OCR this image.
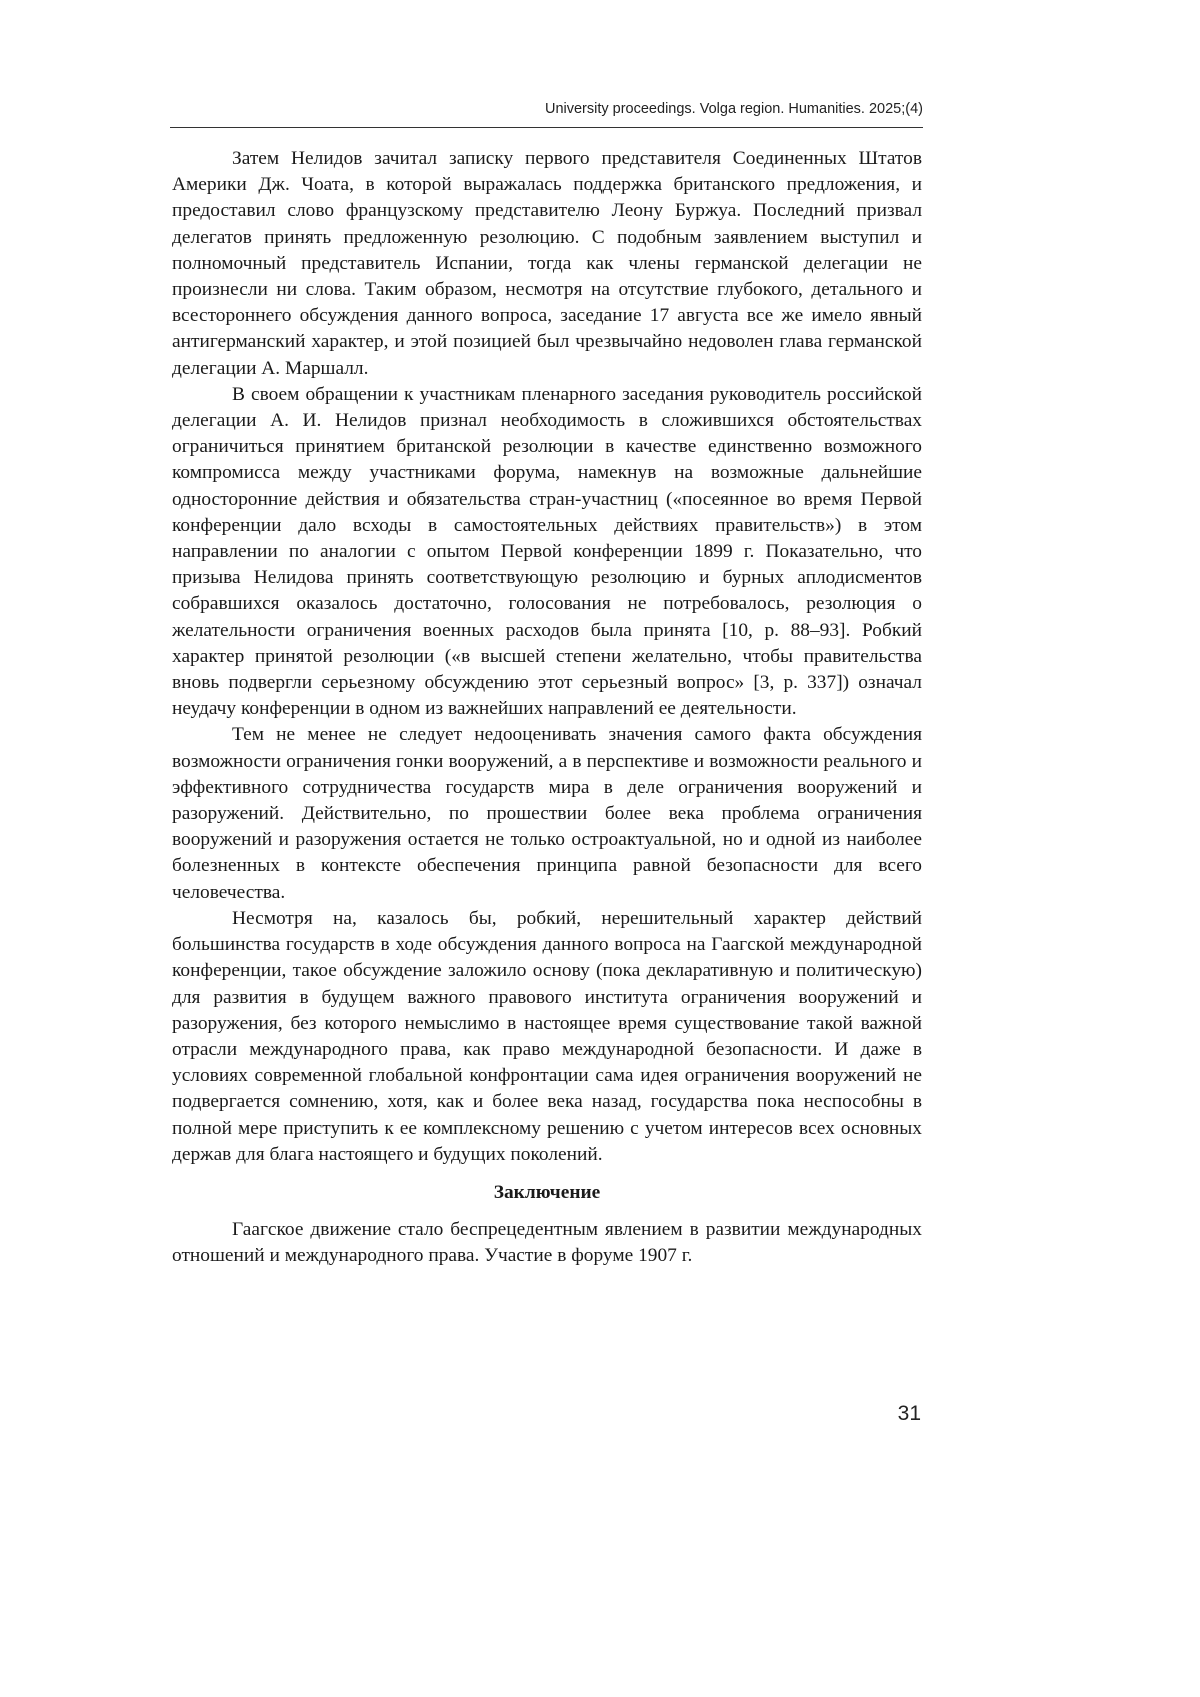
University proceedings. Volga region. Humanities. 2025;(4)

Затем Нелидов зачитал записку первого представителя Соединенных Штатов Америки Дж. Чоата, в которой выражалась поддержка британского предложения, и предоставил слово французскому представителю Леону Буржуа. Последний призвал делегатов принять предложенную резолюцию. С подобным заявлением выступил и полномочный представитель Испании, тогда как члены германской делегации не произнесли ни слова. Таким образом, несмотря на отсутствие глубокого, детального и всестороннего обсуждения данного вопроса, заседание 17 августа все же имело явный антигерманский характер, и этой позицией был чрезвычайно недоволен глава германской делегации А. Маршалл.

В своем обращении к участникам пленарного заседания руководитель российской делегации А. И. Нелидов признал необходимость в сложившихся обстоятельствах ограничиться принятием британской резолюции в качестве единственно возможного компромисса между участниками форума, намекнув на возможные дальнейшие односторонние действия и обязательства стран-участниц («посеянное во время Первой конференции дало всходы в самостоятельных действиях правительств») в этом направлении по аналогии с опытом Первой конференции 1899 г. Показательно, что призыва Нелидова принять соответствующую резолюцию и бурных аплодисментов собравшихся оказалось достаточно, голосования не потребовалось, резолюция о желательности ограничения военных расходов была принята [10, p. 88–93]. Робкий характер принятой резолюции («в высшей степени желательно, чтобы правительства вновь подвергли серьезному обсуждению этот серьезный вопрос» [3, p. 337]) означал неудачу конференции в одном из важнейших направлений ее деятельности.

Тем не менее не следует недооценивать значения самого факта обсуждения возможности ограничения гонки вооружений, а в перспективе и возможности реального и эффективного сотрудничества государств мира в деле ограничения вооружений и разоружений. Действительно, по прошествии более века проблема ограничения вооружений и разоружения остается не только остроактуальной, но и одной из наиболее болезненных в контексте обеспечения принципа равной безопасности для всего человечества.

Несмотря на, казалось бы, робкий, нерешительный характер действий большинства государств в ходе обсуждения данного вопроса на Гаагской международной конференции, такое обсуждение заложило основу (пока декларативную и политическую) для развития в будущем важного правового института ограничения вооружений и разоружения, без которого немыслимо в настоящее время существование такой важной отрасли международного права, как право международной безопасности. И даже в условиях современной глобальной конфронтации сама идея ограничения вооружений не подвергается сомнению, хотя, как и более века назад, государства пока неспособны в полной мере приступить к ее комплексному решению с учетом интересов всех основных держав для блага настоящего и будущих поколений.

Заключение

Гаагское движение стало беспрецедентным явлением в развитии международных отношений и международного права. Участие в форуме 1907 г.

31
